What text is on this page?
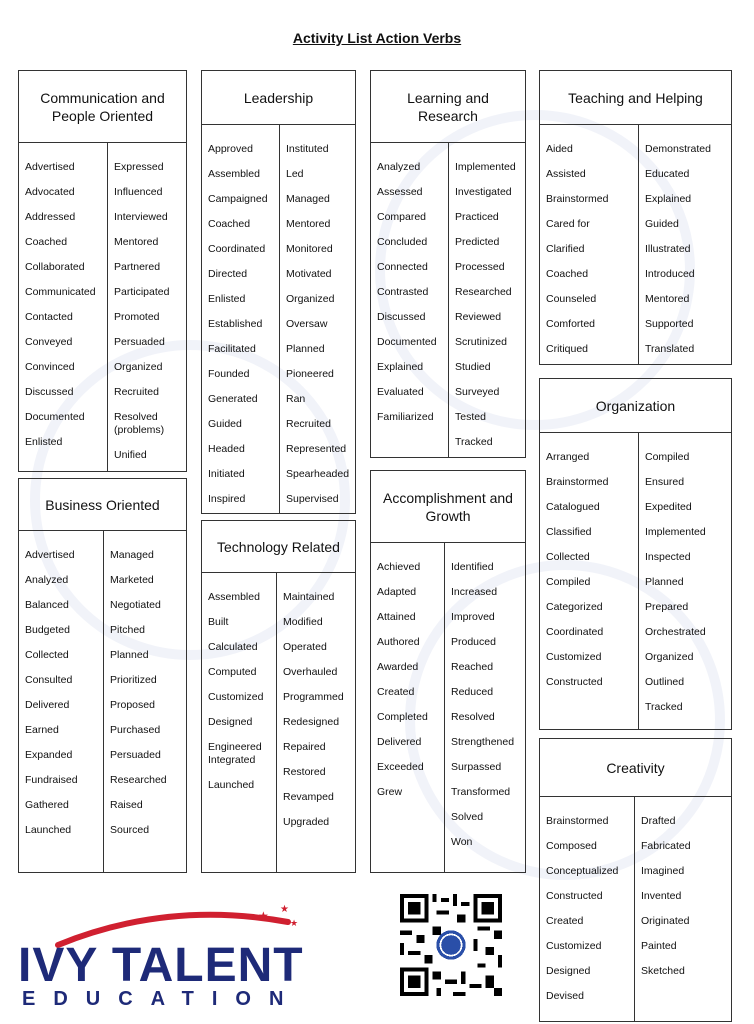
Activity List Action Verbs
Communication and People Oriented
Advertised
Advocated
Addressed
Coached
Collaborated
Communicated
Contacted
Conveyed
Convinced
Discussed
Documented
Enlisted
Expressed
Influenced
Interviewed
Mentored
Partnered
Participated
Promoted
Persuaded
Organized
Recruited
Resolved
(problems)
Unified
Leadership
Approved
Assembled
Campaigned
Coached
Coordinated
Directed
Enlisted
Established
Facilitated
Founded
Generated
Guided
Headed
Initiated
Inspired
Instituted
Led
Managed
Mentored
Monitored
Motivated
Organized
Oversaw
Planned
Pioneered
Ran
Recruited
Represented
Spearheaded
Supervised
Learning and Research
Analyzed
Assessed
Compared
Concluded
Connected
Contrasted
Discussed
Documented
Explained
Evaluated
Familiarized
Implemented
Investigated
Practiced
Predicted
Processed
Researched
Reviewed
Scrutinized
Studied
Surveyed
Tested
Tracked
Teaching and Helping
Aided
Assisted
Brainstormed
Cared for
Clarified
Coached
Counseled
Comforted
Critiqued
Demonstrated
Educated
Explained
Guided
Illustrated
Introduced
Mentored
Supported
Translated
Business Oriented
Advertised
Analyzed
Balanced
Budgeted
Collected
Consulted
Delivered
Earned
Expanded
Fundraised
Gathered
Launched
Managed
Marketed
Negotiated
Pitched
Planned
Prioritized
Proposed
Purchased
Persuaded
Researched
Raised
Sourced
Technology Related
Assembled
Built
Calculated
Computed
Customized
Designed
Engineered
Integrated
Launched
Maintained
Modified
Operated
Overhauled
Programmed
Redesigned
Repaired
Restored
Revamped
Upgraded
Accomplishment and Growth
Achieved
Adapted
Attained
Authored
Awarded
Created
Completed
Delivered
Exceeded
Grew
Identified
Increased
Improved
Produced
Reached
Reduced
Resolved
Strengthened
Surpassed
Transformed
Solved
Won
Organization
Arranged
Brainstormed
Catalogued
Classified
Collected
Compiled
Categorized
Coordinated
Customized
Constructed
Compiled
Ensured
Expedited
Implemented
Inspected
Planned
Prepared
Orchestrated
Organized
Outlined
Tracked
Creativity
Brainstormed
Composed
Conceptualized
Constructed
Created
Customized
Designed
Devised
Drafted
Fabricated
Imagined
Invented
Originated
Painted
Sketched
★ ★
★
IVY TALENT
EDUCATION
